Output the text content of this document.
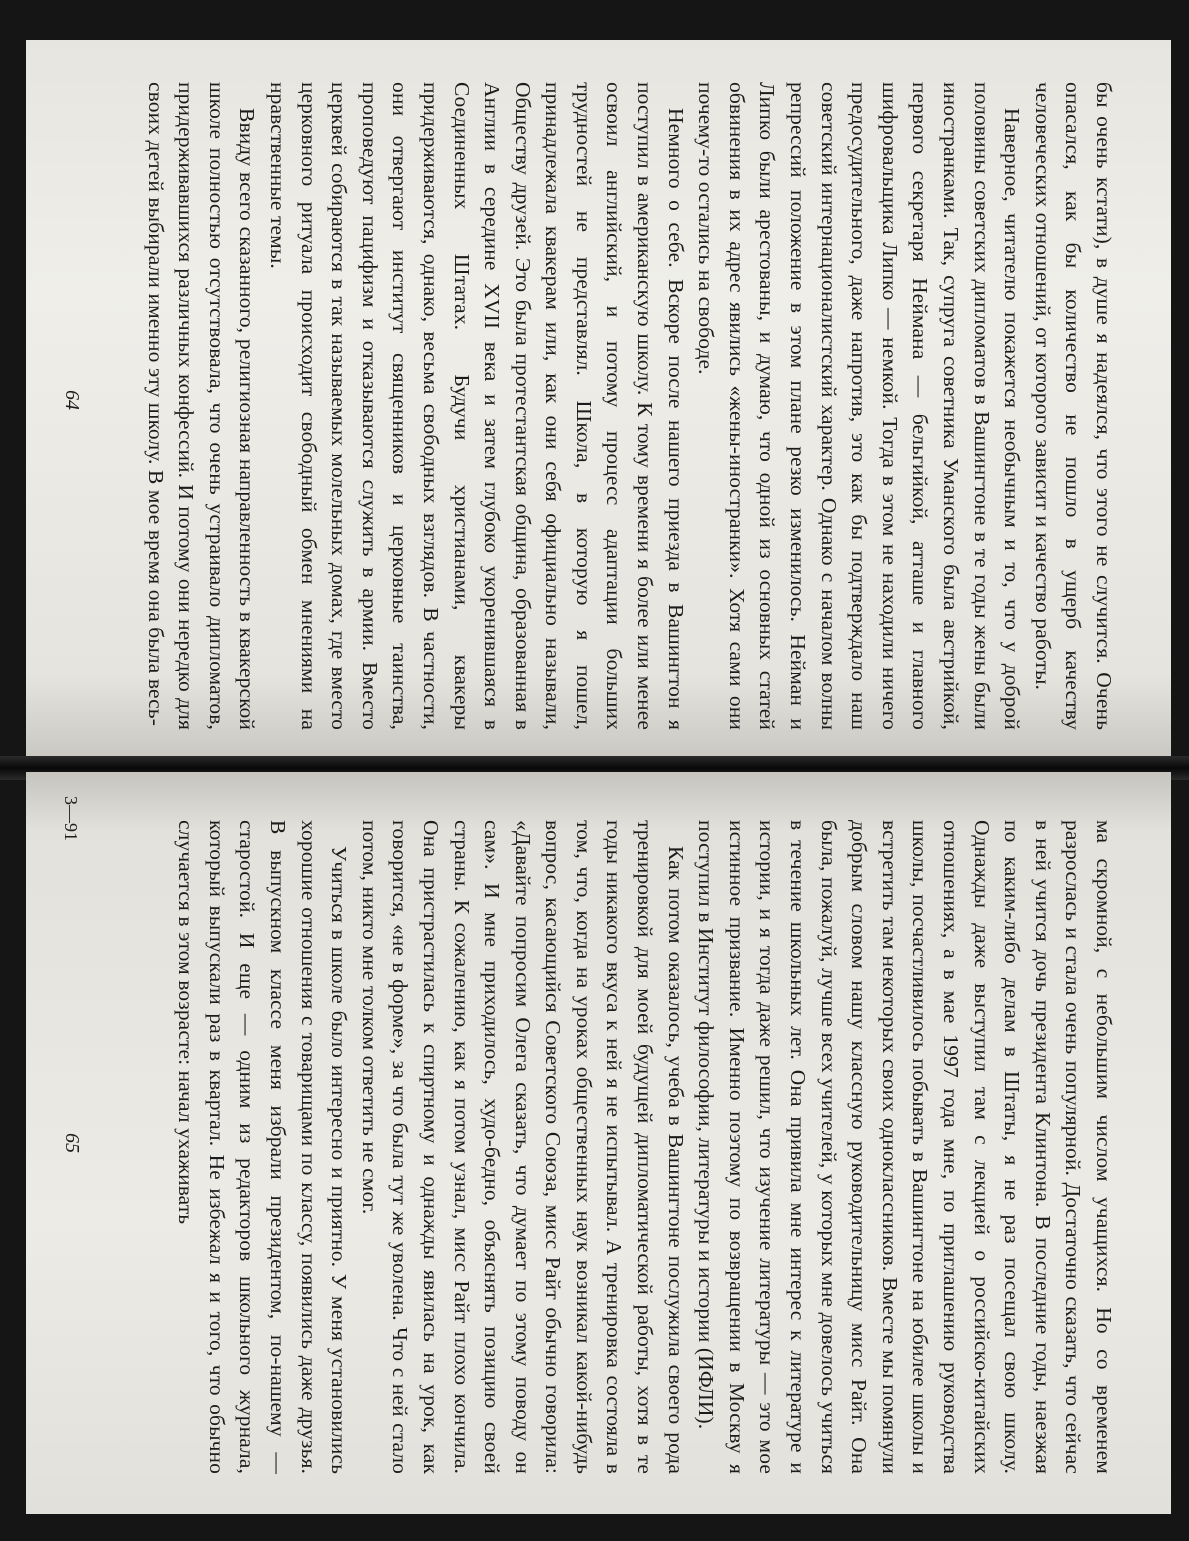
бы очень кстати), в душе я надеялся, что этого не случится. Очень опасался, как бы количество не пошло в ущерб качеству человеческих отношений, от которого зависит и качество работы.

Наверное, читателю покажется необычным и то, что у доброй половины советских дипломатов в Вашингтоне в те годы жены были иностранками. Так, супруга советника Уманского была австрийкой, первого секретаря Неймана — бельгийкой, атташе и главного шифровальщика Липко — немкой. Тогда в этом не находили ничего предосудительного, даже напротив, это как бы подтверждало наш советский интернационалистский характер. Однако с началом волны репрессий положение в этом плане резко изменилось. Нейман и Липко были арестованы, и думаю, что одной из основных статей обвинения в их адрес явились «жены-иностранки». Хотя сами они почему-то остались на свободе.

Немного о себе. Вскоре после нашего приезда в Вашингтон я поступил в американскую школу. К тому времени я более или менее освоил английский, и потому процесс адаптации больших трудностей не представлял. Школа, в которую я пошел, принадлежала квакерам или, как они себя официально называли, Обществу друзей. Это была протестантская община, образованная в Англии в середине XVII века и затем глубоко укоренившаяся в Соединенных Штатах. Будучи христианами, квакеры придерживаются, однако, весьма свободных взглядов. В частности, они отвергают институт священников и церковные таинства, проповедуют пацифизм и отказываются служить в армии. Вместо церквей собираются в так называемых молельных домах, где вместо церковного ритуала происходит свободный обмен мнениями на нравственные темы.

Ввиду всего сказанного, религиозная направленность в квакерской школе полностью отсутствовала, что очень устраивало дипломатов, придерживавшихся различных конфессий. И потому они нередко для своих детей выбирали именно эту школу. В мое время она была весь-

64

ма скромной, с небольшим числом учащихся. Но со временем разрослась и стала очень популярной. Достаточно сказать, что сейчас в ней учится дочь президента Клинтона. В последние годы, наезжая по каким-либо делам в Штаты, я не раз посещал свою школу. Однажды даже выступил там с лекцией о российско-китайских отношениях, а в мае 1997 года мне, по приглашению руководства школы, посчастливилось побывать в Вашингтоне на юбилее школы и встретить там некоторых своих одноклассников. Вместе мы помянули добрым словом нашу классную руководительницу мисс Райт. Она была, пожалуй, лучше всех учителей, у которых мне довелось учиться в течение школьных лет. Она привила мне интерес к литературе и истории, и я тогда даже решил, что изучение литературы — это мое истинное призвание. Именно поэтому по возвращении в Москву я поступил в Институт философии, литературы и истории (ИФЛИ).

Как потом оказалось, учеба в Вашингтоне послужила своего рода тренировкой для моей будущей дипломатической работы, хотя в те годы никакого вкуса к ней я не испытывал. А тренировка состояла в том, что, когда на уроках общественных наук возникал какой-нибудь вопрос, касающийся Советского Союза, мисс Райт обычно говорила: «Давайте попросим Олега сказать, что думает по этому поводу он сам». И мне приходилось, худо-бедно, объяснять позицию своей страны. К сожалению, как я потом узнал, мисс Райт плохо кончила. Она пристрастилась к спиртному и однажды явилась на урок, как говорится, «не в форме», за что была тут же уволена. Что с ней стало потом, никто мне толком ответить не смог.

Учиться в школе было интересно и приятно. У меня установились хорошие отношения с товарищами по классу, появились даже друзья. В выпускном классе меня избрали президентом, по-нашему — старостой. И еще — одним из редакторов школьного журнала, который выпускали раз в квартал. Не избежал я и того, что обычно случается в этом возрасте: начал ухаживать

3—91
65
